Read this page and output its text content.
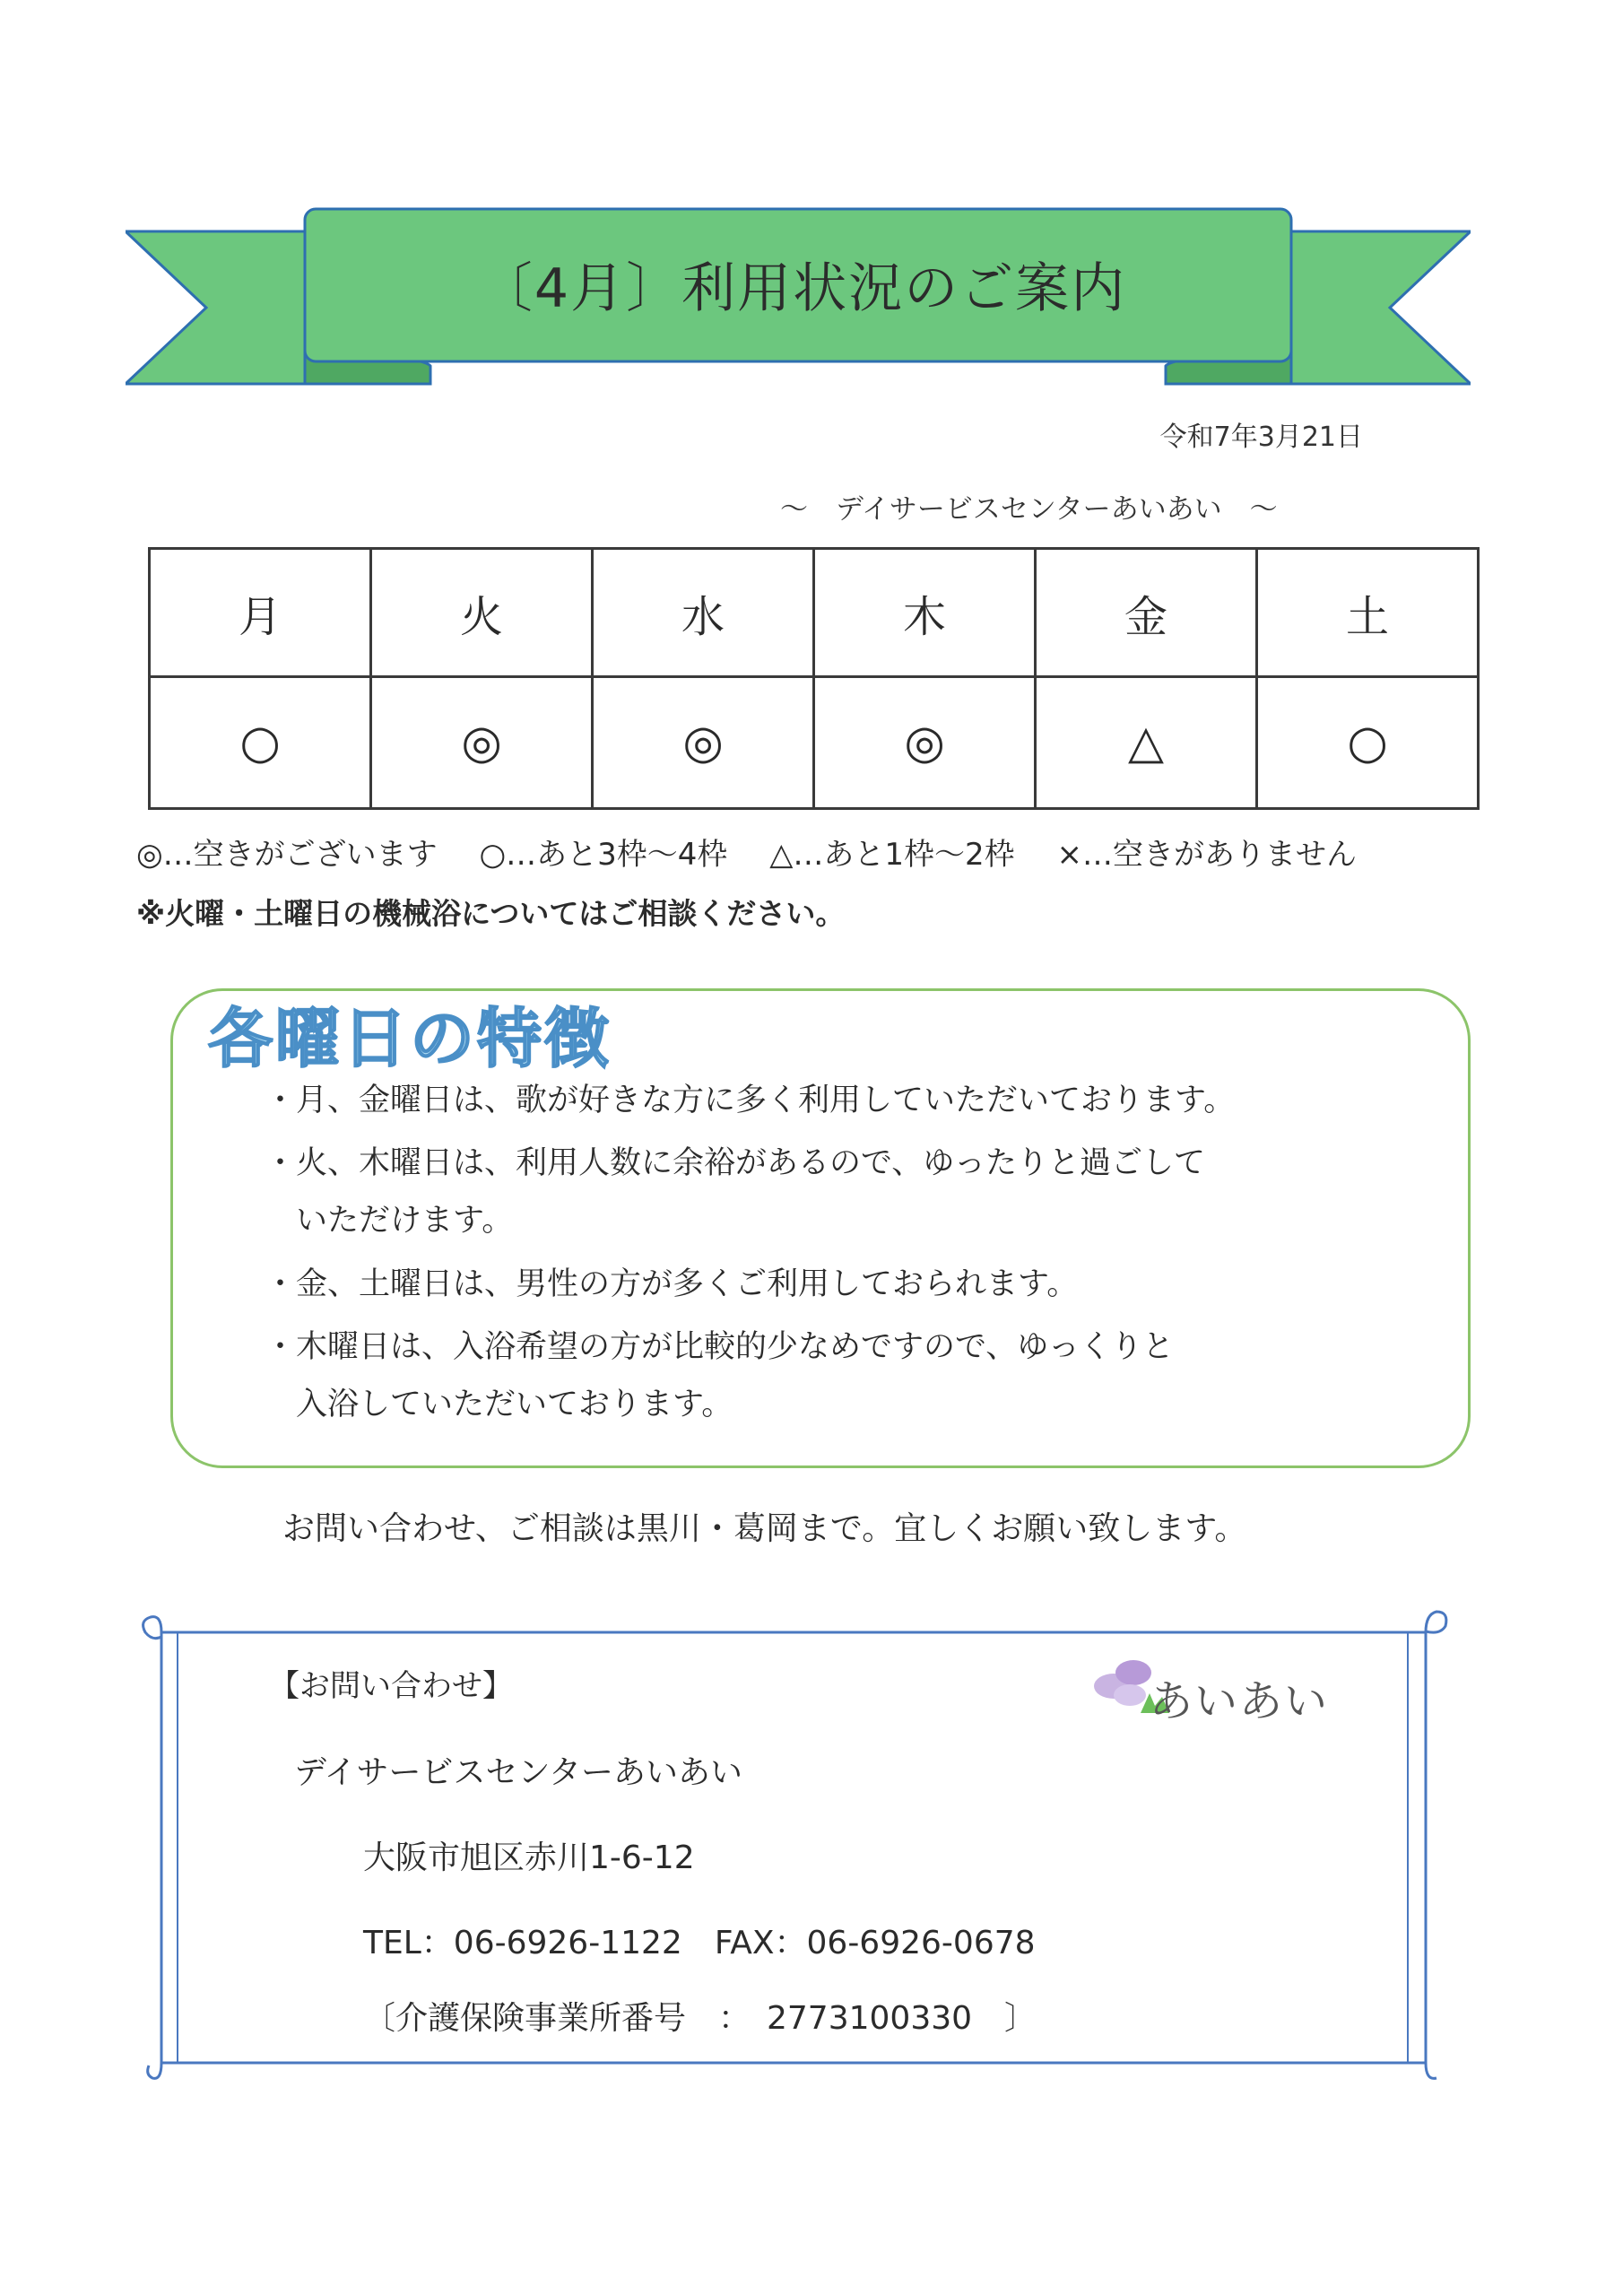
〔4月〕利用状況のご案内
令和7年3月21日
～　デイサービスセンターあいあい　～
月	火	水	木	金	土
○	◎	◎	◎	△	○
◎…空きがございます ○…あと3枠～4枠 △…あと1枠～2枠 ×…空きがありません
※火曜・土曜日の機械浴についてはご相談ください。
各曜日の特徴
・月、金曜日は、歌が好きな方に多く利用していただいております。
・火、木曜日は、利用人数に余裕があるので、ゆったりと過ごして
　いただけます。
・金、土曜日は、男性の方が多くご利用しておられます。
・木曜日は、入浴希望の方が比較的少なめですので、ゆっくりと
　入浴していただいております。
お問い合わせ、ご相談は黒川・葛岡まで。宜しくお願い致します。
【お問い合わせ】	あいあい
デイサービスセンターあいあい
大阪市旭区赤川1-6-12
TEL：06-6926-1122　FAX：06-6926-0678
〔介護保険事業所番号　：　2773100330　〕
